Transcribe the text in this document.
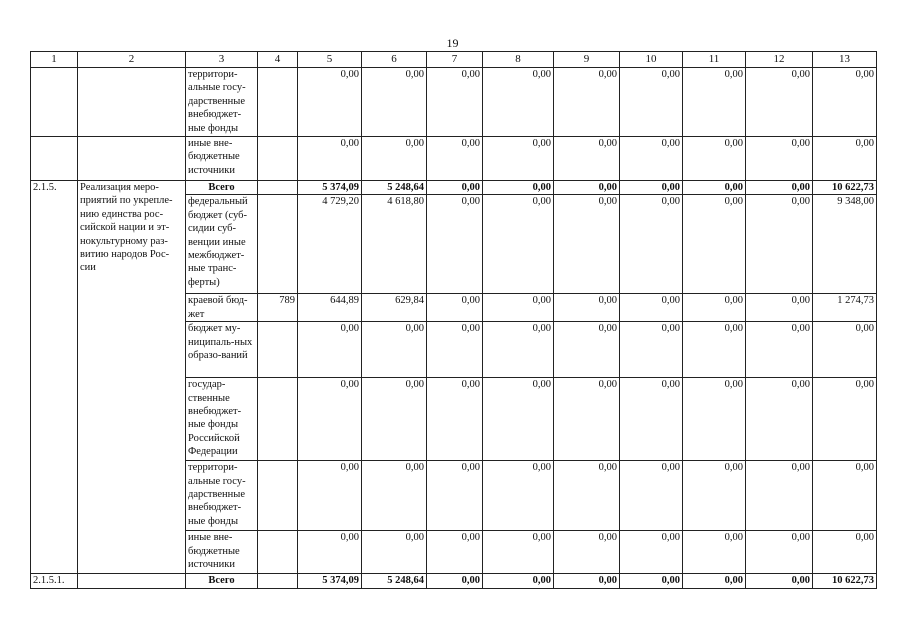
19
1	2	3	4	5	6	7	8	9	10	11	12	13
		территори-альные госу-дарственные внебюджет-ные фонды		0,00	0,00	0,00	0,00	0,00	0,00	0,00	0,00	0,00
		иные вне-бюджетные источники		0,00	0,00	0,00	0,00	0,00	0,00	0,00	0,00	0,00
2.1.5.	Реализация меро-приятий по укрепле-нию единства рос-сийской нации и эт-нокультурному раз-витию народов Рос-сии	Всего		5 374,09	5 248,64	0,00	0,00	0,00	0,00	0,00	0,00	10 622,73
		федеральный бюджет (суб-сидии суб-венции иные межбюджет-ные транс-ферты)		4 729,20	4 618,80	0,00	0,00	0,00	0,00	0,00	0,00	9 348,00
		краевой бюд-жет	789	644,89	629,84	0,00	0,00	0,00	0,00	0,00	0,00	1 274,73
		бюджет му-ниципаль-ных образо-ваний		0,00	0,00	0,00	0,00	0,00	0,00	0,00	0,00	0,00
		государ-ственные внебюджет-ные фонды Российской Федерации		0,00	0,00	0,00	0,00	0,00	0,00	0,00	0,00	0,00
		территори-альные госу-дарственные внебюджет-ные фонды		0,00	0,00	0,00	0,00	0,00	0,00	0,00	0,00	0,00
		иные вне-бюджетные источники		0,00	0,00	0,00	0,00	0,00	0,00	0,00	0,00	0,00
2.1.5.1.		Всего		5 374,09	5 248,64	0,00	0,00	0,00	0,00	0,00	0,00	10 622,73
